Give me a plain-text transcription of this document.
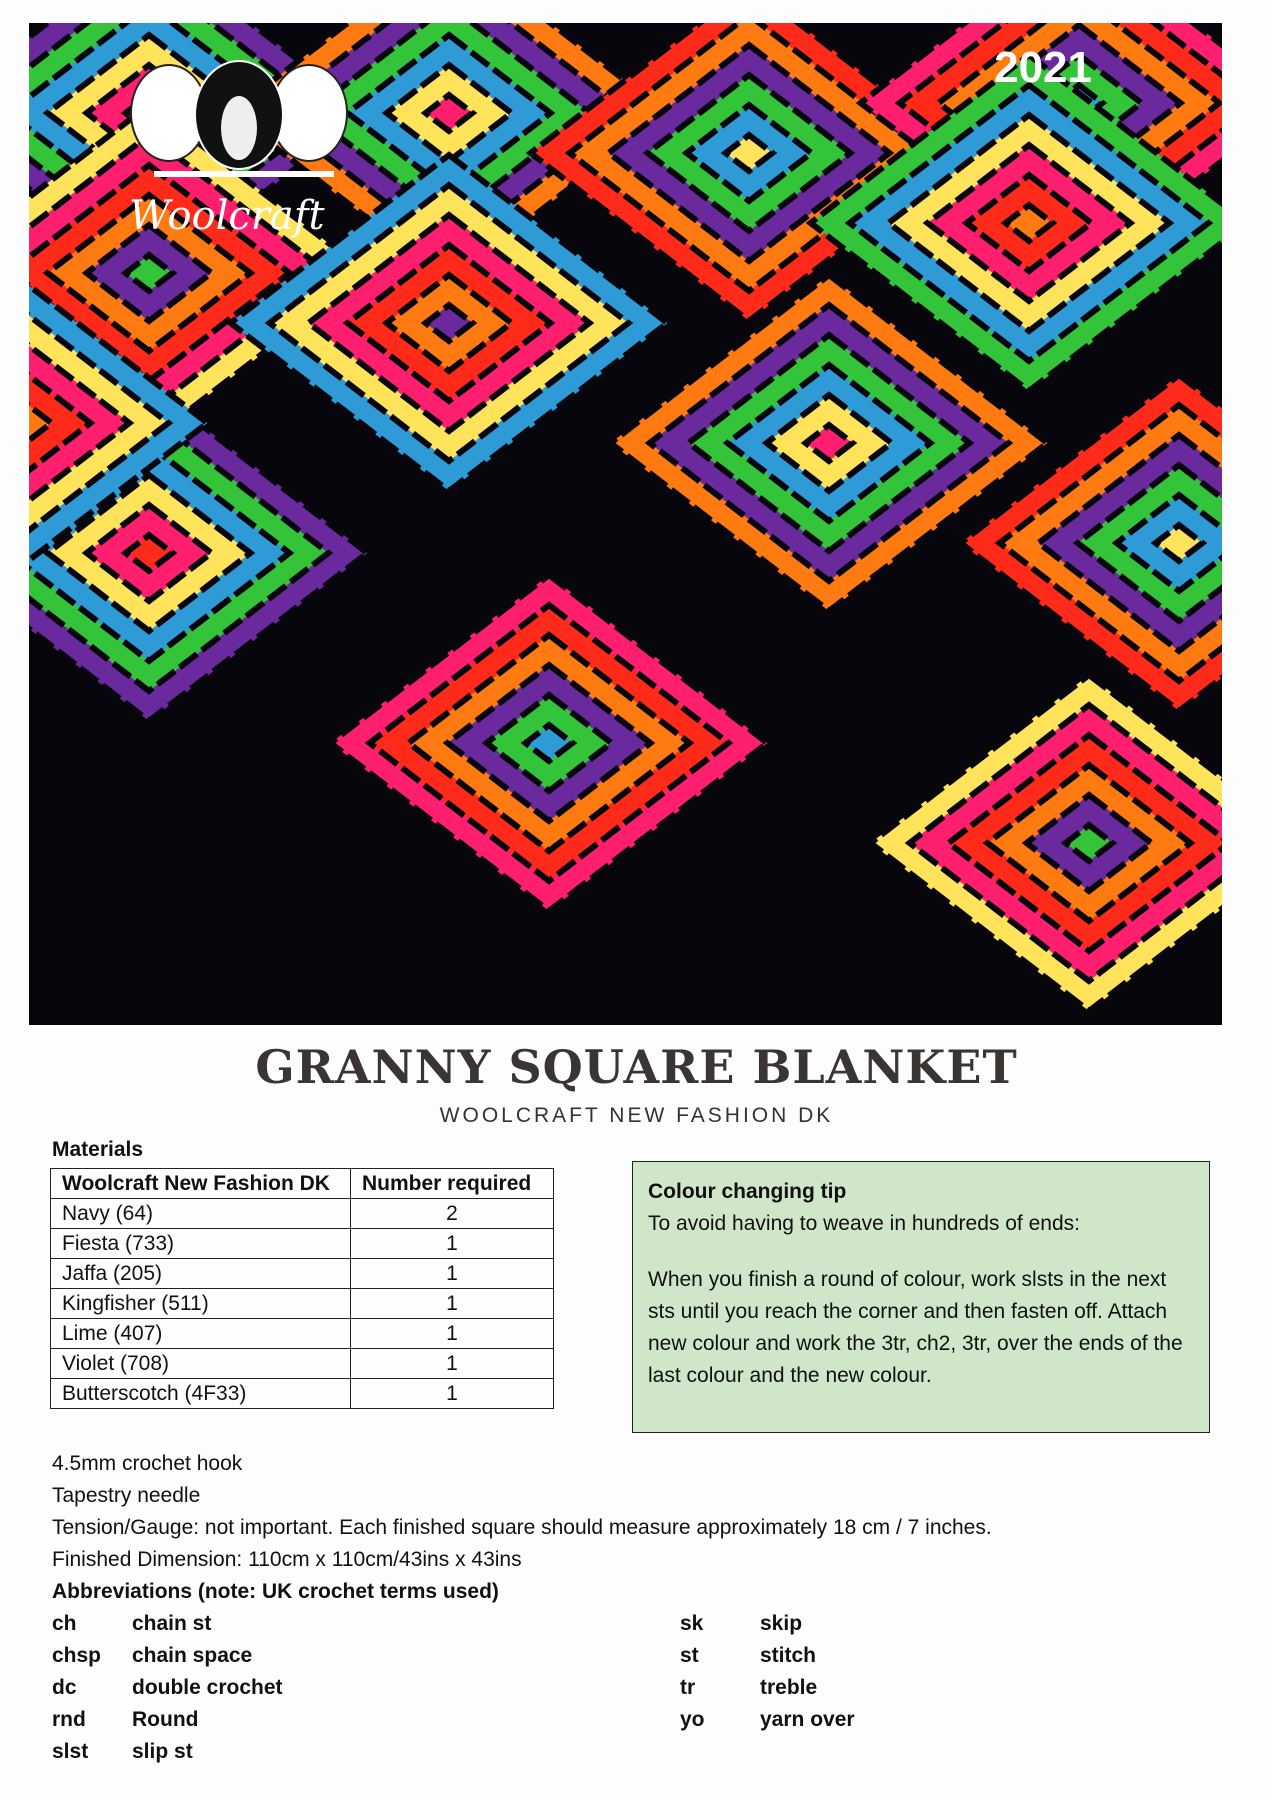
Woolcraft
2021
GRANNY SQUARE BLANKET
WOOLCRAFT NEW FASHION DK
Materials
Woolcraft New Fashion DK	Number required
Navy (64)	2
Fiesta (733)	1
Jaffa (205)	1
Kingfisher (511)	1
Lime (407)	1
Violet (708)	1
Butterscotch (4F33)	1

Colour changing tip

To avoid having to weave in hundreds of ends:

When you finish a round of colour, work slsts in the next sts until you reach the corner and then fasten off. Attach new colour and work the 3tr, ch2, 3tr, over the ends of the last colour and the new colour.

4.5mm crochet hook
Tapestry needle
Tension/Gauge: not important. Each finished square should measure approximately 18 cm / 7 inches.
Finished Dimension: 110cm x 110cm/43ins x 43ins
Abbreviations (note: UK crochet terms used)
ch	chain st
chsp chain space
dc	double crochet
rnd Round
slst slip st
sk	skip
st	stitch
tr	treble
yo	yarn over
